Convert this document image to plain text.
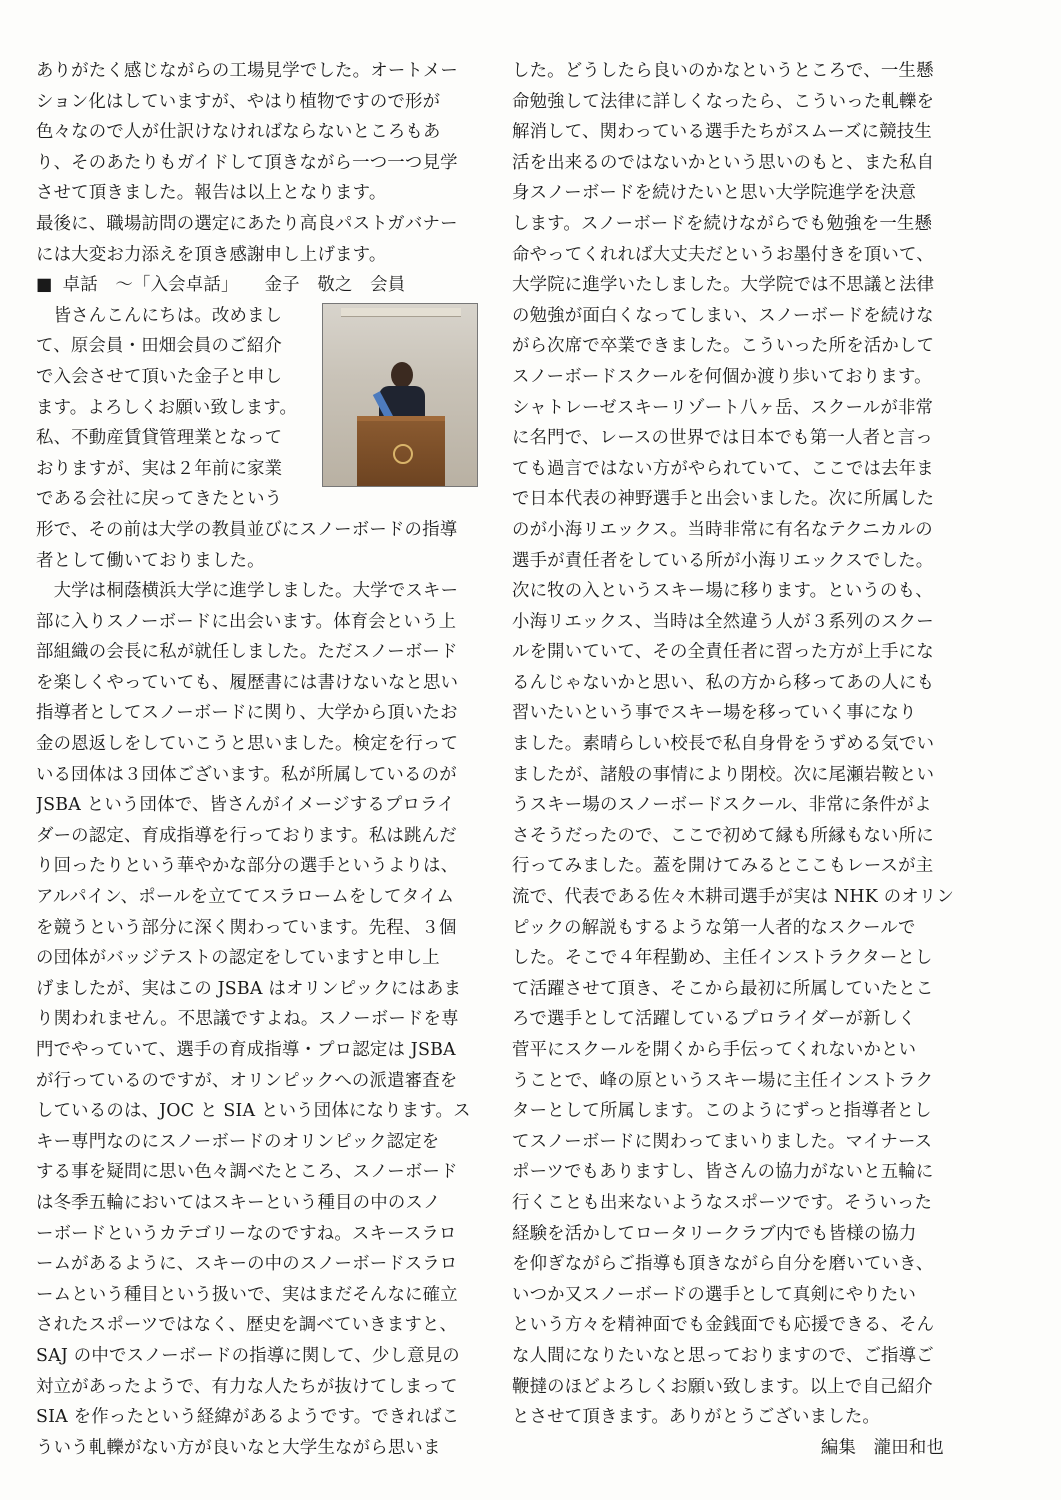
ありがたく感じながらの工場見学でした。オートメー
ション化はしていますが、やはり植物ですので形が
色々なので人が仕訳けなければならないところもあ
り、そのあたりもガイドして頂きながら一つ一つ見学
させて頂きました。報告は以上となります。
最後に、職場訪問の選定にあたり高良パストガバナー
には大変お力添えを頂き感謝申し上げます。
■ 卓話　～「入会卓話」 金子　敬之　会員
　皆さんこんにちは。改めまし
て、原会員・田畑会員のご紹介
で入会させて頂いた金子と申し
ます。よろしくお願い致します。
私、不動産賃貸管理業となって
おりますが、実は２年前に家業
である会社に戻ってきたという
形で、その前は大学の教員並びにスノーボードの指導
者として働いておりました。
　大学は桐蔭横浜大学に進学しました。大学でスキー
部に入りスノーボードに出会います。体育会という上
部組織の会長に私が就任しました。ただスノーボード
を楽しくやっていても、履歴書には書けないなと思い
指導者としてスノーボードに関り、大学から頂いたお
金の恩返しをしていこうと思いました。検定を行って
いる団体は３団体ございます。私が所属しているのが
JSBA という団体で、皆さんがイメージするプロライ
ダーの認定、育成指導を行っております。私は跳んだ
り回ったりという華やかな部分の選手というよりは、
アルパイン、ポールを立ててスラロームをしてタイム
を競うという部分に深く関わっています。先程、３個
の団体がバッジテストの認定をしていますと申し上
げましたが、実はこの JSBA はオリンピックにはあま
り関われません。不思議ですよね。スノーボードを専
門でやっていて、選手の育成指導・プロ認定は JSBA
が行っているのですが、オリンピックへの派遣審査を
しているのは、JOC と SIA という団体になります。ス
キー専門なのにスノーボードのオリンピック認定を
する事を疑問に思い色々調べたところ、スノーボード
は冬季五輪においてはスキーという種目の中のスノ
ーボードというカテゴリーなのですね。スキースラロ
ームがあるように、スキーの中のスノーボードスラロ
ームという種目という扱いで、実はまだそんなに確立
されたスポーツではなく、歴史を調べていきますと、
SAJ の中でスノーボードの指導に関して、少し意見の
対立があったようで、有力な人たちが抜けてしまって
SIA を作ったという経緯があるようです。できればこ
ういう軋轢がない方が良いなと大学生ながら思いま
した。どうしたら良いのかなというところで、一生懸
命勉強して法律に詳しくなったら、こういった軋轢を
解消して、関わっている選手たちがスムーズに競技生
活を出来るのではないかという思いのもと、また私自
身スノーボードを続けたいと思い大学院進学を決意
します。スノーボードを続けながらでも勉強を一生懸
命やってくれれば大丈夫だというお墨付きを頂いて、
大学院に進学いたしました。大学院では不思議と法律
の勉強が面白くなってしまい、スノーボードを続けな
がら次席で卒業できました。こういった所を活かして
スノーボードスクールを何個か渡り歩いております。
シャトレーゼスキーリゾート八ヶ岳、スクールが非常
に名門で、レースの世界では日本でも第一人者と言っ
ても過言ではない方がやられていて、ここでは去年ま
で日本代表の神野選手と出会いました。次に所属した
のが小海リエックス。当時非常に有名なテクニカルの
選手が責任者をしている所が小海リエックスでした。
次に牧の入というスキー場に移ります。というのも、
小海リエックス、当時は全然違う人が３系列のスクー
ルを開いていて、その全責任者に習った方が上手にな
るんじゃないかと思い、私の方から移ってあの人にも
習いたいという事でスキー場を移っていく事になり
ました。素晴らしい校長で私自身骨をうずめる気でい
ましたが、諸般の事情により閉校。次に尾瀬岩鞍とい
うスキー場のスノーボードスクール、非常に条件がよ
さそうだったので、ここで初めて縁も所縁もない所に
行ってみました。蓋を開けてみるとここもレースが主
流で、代表である佐々木耕司選手が実は NHK のオリン
ピックの解説もするような第一人者的なスクールで
した。そこで４年程勤め、主任インストラクターとし
て活躍させて頂き、そこから最初に所属していたとこ
ろで選手として活躍しているプロライダーが新しく
菅平にスクールを開くから手伝ってくれないかとい
うことで、峰の原というスキー場に主任インストラク
ターとして所属します。このようにずっと指導者とし
てスノーボードに関わってまいりました。マイナース
ポーツでもありますし、皆さんの協力がないと五輪に
行くことも出来ないようなスポーツです。そういった
経験を活かしてロータリークラブ内でも皆様の協力
を仰ぎながらご指導も頂きながら自分を磨いていき、
いつか又スノーボードの選手として真剣にやりたい
という方々を精神面でも金銭面でも応援できる、そん
な人間になりたいなと思っておりますので、ご指導ご
鞭撻のほどよろしくお願い致します。以上で自己紹介
とさせて頂きます。ありがとうございました。
編集　瀧田和也
